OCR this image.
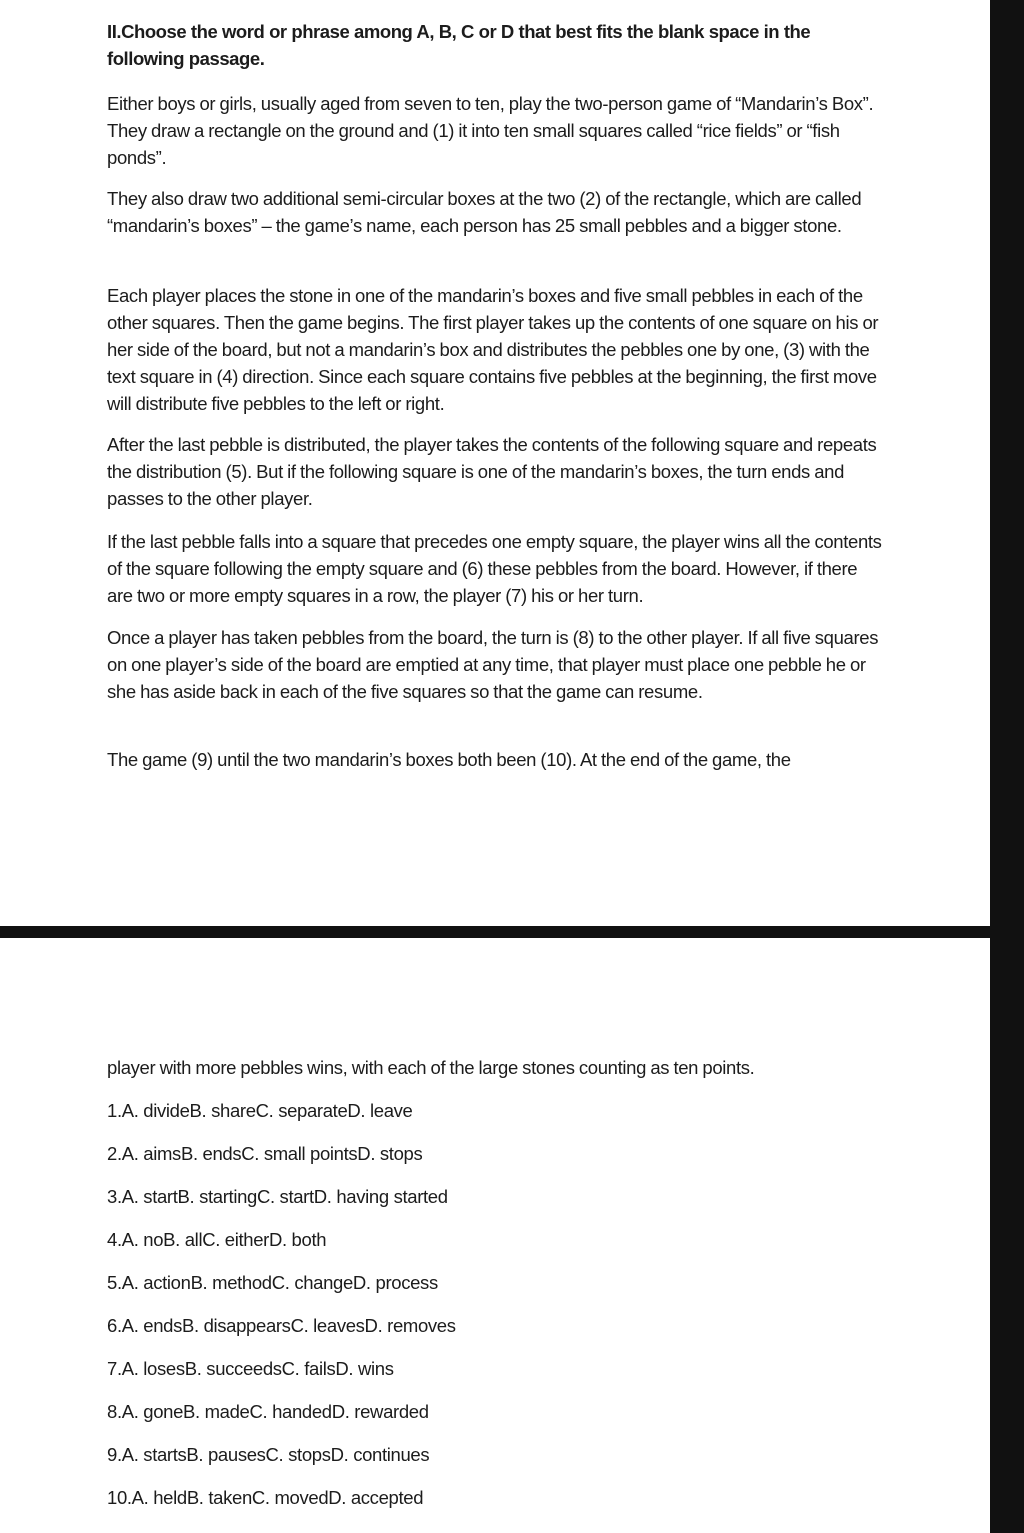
II.Choose the word or phrase among A, B, C or D that best fits the blank space in the following passage.

Either boys or girls, usually aged from seven to ten, play the two-person game of “Mandarin’s Box”. They draw a rectangle on the ground and (1) it into ten small squares called “rice fields” or “fish ponds”.

They also draw two additional semi-circular boxes at the two (2) of the rectangle, which are called “mandarin’s boxes” – the game’s name, each person has 25 small pebbles and a bigger stone.

Each player places the stone in one of the mandarin’s boxes and five small pebbles in each of the other squares. Then the game begins. The first player takes up the contents of one square on his or her side of the board, but not a mandarin’s box and distributes the pebbles one by one, (3) with the text square in (4) direction. Since each square contains five pebbles at the beginning, the first move will distribute five pebbles to the left or right.

After the last pebble is distributed, the player takes the contents of the following square and repeats the distribution (5). But if the following square is one of the mandarin’s boxes, the turn ends and passes to the other player.

If the last pebble falls into a square that precedes one empty square, the player wins all the contents of the square following the empty square and (6) these pebbles from the board. However, if there are two or more empty squares in a row, the player (7) his or her turn.

Once a player has taken pebbles from the board, the turn is (8) to the other player. If all five squares on one player’s side of the board are emptied at any time, that player must place one pebble he or she has aside back in each of the five squares so that the game can resume.

The game (9) until the two mandarin’s boxes both been (10). At the end of the game, the

player with more pebbles wins, with each of the large stones counting as ten points.

1.A. divideB. shareC. separateD. leave

2.A. aimsB. endsC. small pointsD. stops

3.A. startB. startingC. startD. having started

4.A. noB. allC. eitherD. both

5.A. actionB. methodC. changeD. process

6.A. endsB. disappearsC. leavesD. removes

7.A. losesB. succeedsC. failsD. wins

8.A. goneB. madeC. handedD. rewarded

9.A. startsB. pausesC. stopsD. continues

10.A. heldB. takenC. movedD. accepted
